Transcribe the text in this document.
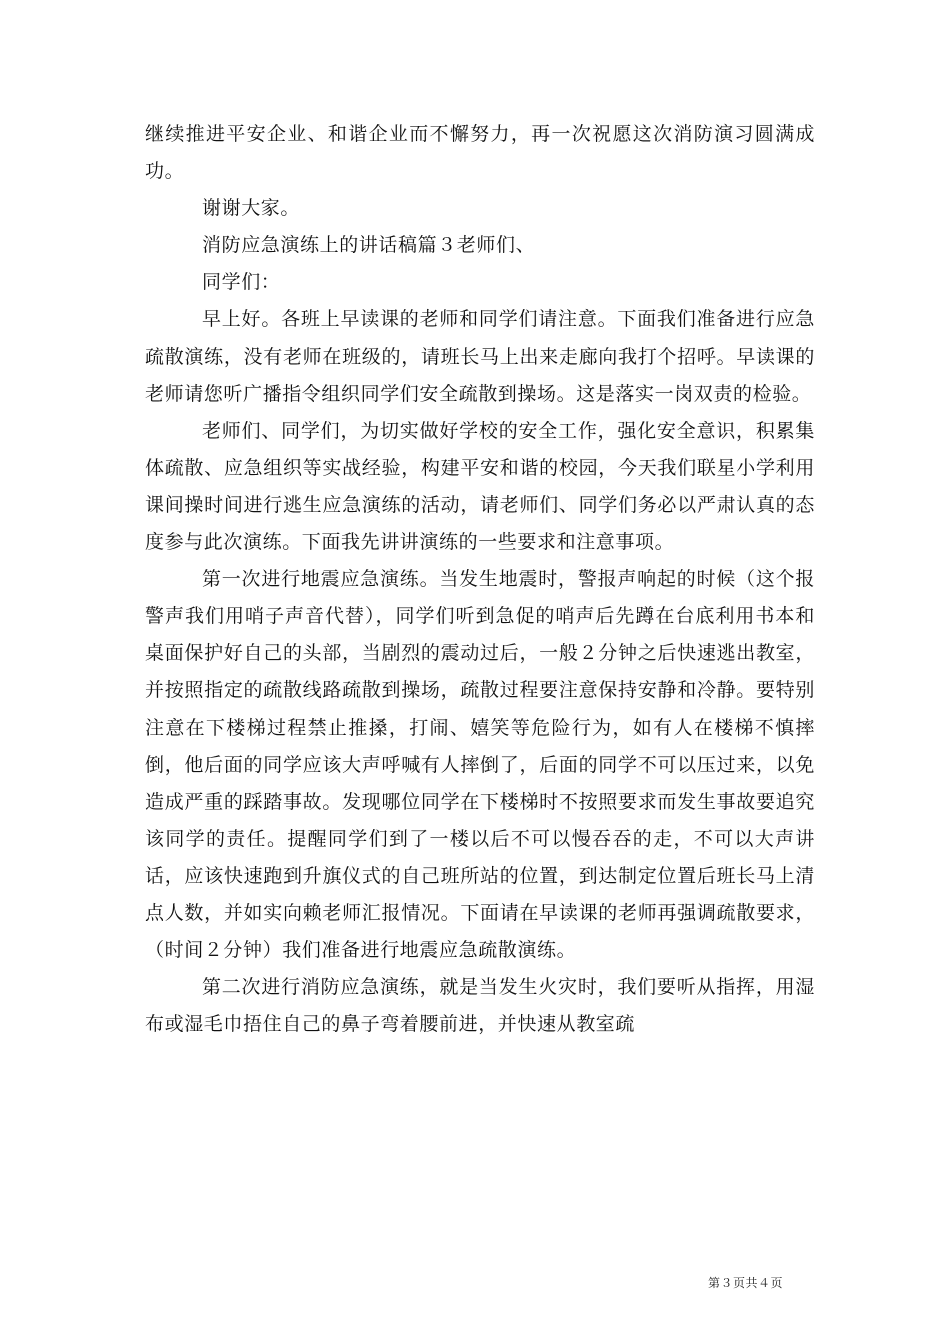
继续推进平安企业、和谐企业而不懈努力，再一次祝愿这次消防演习圆满成功。

谢谢大家。

消防应急演练上的讲话稿篇３老师们、

同学们：

早上好。各班上早读课的老师和同学们请注意。下面我们准备进行应急疏散演练，没有老师在班级的，请班长马上出来走廊向我打个招呼。早读课的老师请您听广播指令组织同学们安全疏散到操场。这是落实一岗双责的检验。

老师们、同学们，为切实做好学校的安全工作，强化安全意识，积累集体疏散、应急组织等实战经验，构建平安和谐的校园，今天我们联星小学利用课间操时间进行逃生应急演练的活动，请老师们、同学们务必以严肃认真的态度参与此次演练。下面我先讲讲演练的一些要求和注意事项。

第一次进行地震应急演练。当发生地震时，警报声响起的时候（这个报警声我们用哨子声音代替），同学们听到急促的哨声后先蹲在台底利用书本和桌面保护好自己的头部，当剧烈的震动过后，一般２分钟之后快速逃出教室，并按照指定的疏散线路疏散到操场，疏散过程要注意保持安静和冷静。要特别注意在下楼梯过程禁止推搡，打闹、嬉笑等危险行为，如有人在楼梯不慎摔倒，他后面的同学应该大声呼喊有人摔倒了，后面的同学不可以压过来，以免造成严重的踩踏事故。发现哪位同学在下楼梯时不按照要求而发生事故要追究该同学的责任。提醒同学们到了一楼以后不可以慢吞吞的走，不可以大声讲话，应该快速跑到升旗仪式的自己班所站的位置，到达制定位置后班长马上清点人数，并如实向赖老师汇报情况。下面请在早读课的老师再强调疏散要求，（时间２分钟）我们准备进行地震应急疏散演练。

第二次进行消防应急演练，就是当发生火灾时，我们要听从指挥，用湿布或湿毛巾捂住自己的鼻子弯着腰前进，并快速从教室疏

第３页共４页
